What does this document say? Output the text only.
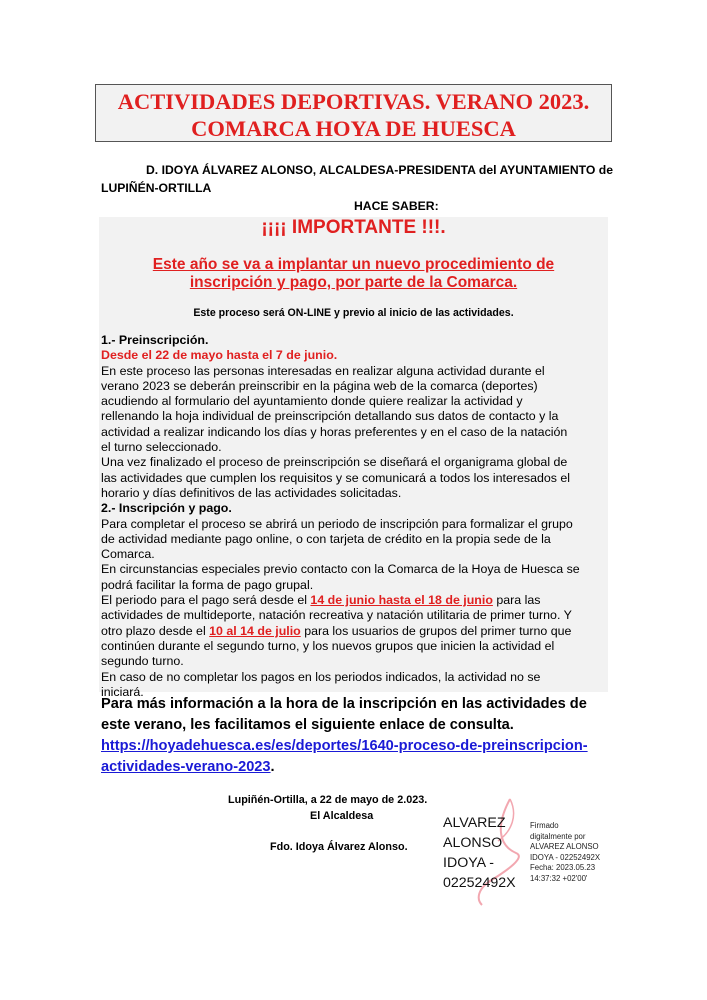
ACTIVIDADES DEPORTIVAS. VERANO 2023.
COMARCA HOYA DE HUESCA
D. IDOYA ÁLVAREZ ALONSO, ALCALDESA-PRESIDENTA del AYUNTAMIENTO de
LUPIÑÉN-ORTILLA
HACE SABER:
¡¡¡¡ IMPORTANTE !!!.
Este año se va a implantar un nuevo procedimiento de
inscripción y pago, por parte de la Comarca.
Este proceso será ON-LINE y previo al inicio de las actividades.
1.- Preinscripción.
Desde el 22 de mayo hasta el 7 de junio.
En este proceso las personas interesadas en realizar alguna actividad durante el
verano 2023 se deberán preinscribir en la página web de la comarca (deportes)
acudiendo al formulario del ayuntamiento donde quiere realizar la actividad y
rellenando la hoja individual de preinscripción detallando sus datos de contacto y la
actividad a realizar indicando los días y horas preferentes y en el caso de la natación
el turno seleccionado.
Una vez finalizado el proceso de preinscripción se diseñará el organigrama global de
las actividades que cumplen los requisitos y se comunicará a todos los interesados el
horario y días definitivos de las actividades solicitadas.
2.- Inscripción y pago.
Para completar el proceso se abrirá un periodo de inscripción para formalizar el grupo
de actividad mediante pago online, o con tarjeta de crédito en la propia sede de la
Comarca.
En circunstancias especiales previo contacto con la Comarca de la Hoya de Huesca se
podrá facilitar la forma de pago grupal.
El periodo para el pago será desde el 14 de junio hasta el 18 de junio para las
actividades de multideporte, natación recreativa y natación utilitaria de primer turno. Y
otro plazo desde el 10 al 14 de julio para los usuarios de grupos del primer turno que
continúen durante el segundo turno, y los nuevos grupos que inicien la actividad el
segundo turno.
En caso de no completar los pagos en los periodos indicados, la actividad no se
iniciará.
Para más información a la hora de la inscripción en las actividades de
este verano, les facilitamos el siguiente enlace de consulta.
https://hoyadehuesca.es/es/deportes/1640-proceso-de-preinscripcion-
actividades-verano-2023.
Lupiñén-Ortilla, a 22 de mayo de 2.023.
El Alcaldesa
Fdo. Idoya Álvarez Alonso.
ALVAREZ
ALONSO
IDOYA -
02252492X
Firmado
digitalmente por
ALVAREZ ALONSO
IDOYA - 02252492X
Fecha: 2023.05.23
14:37:32 +02'00'
